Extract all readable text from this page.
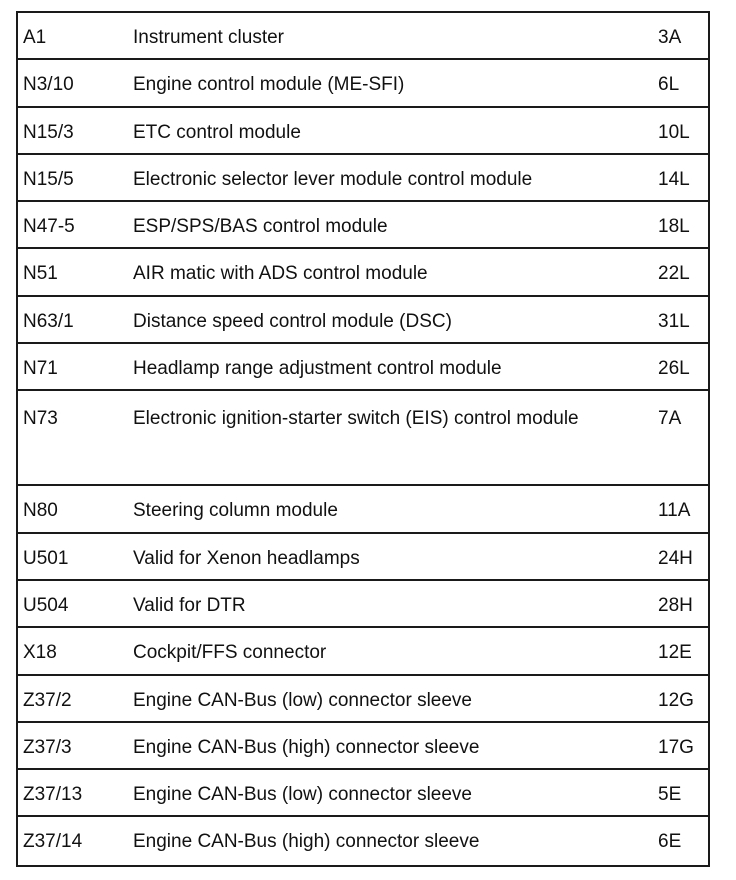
A1	Instrument cluster	3A
N3/10	Engine control module (ME-SFI)	6L
N15/3	ETC control module	10L
N15/5	Electronic selector lever module control module	14L
N47-5	ESP/SPS/BAS control module	18L
N51	AIR matic with ADS control module	22L
N63/1	Distance speed control module (DSC)	31L
N71	Headlamp range adjustment control module	26L
N73	Electronic ignition-starter switch (EIS) control module	7A
N80	Steering column module	11A
U501	Valid for Xenon headlamps	24H
U504	Valid for DTR	28H
X18	Cockpit/FFS connector	12E
Z37/2	Engine CAN-Bus (low) connector sleeve	12G
Z37/3	Engine CAN-Bus (high) connector sleeve	17G
Z37/13	Engine CAN-Bus (low) connector sleeve	5E
Z37/14	Engine CAN-Bus (high) connector sleeve	6E
